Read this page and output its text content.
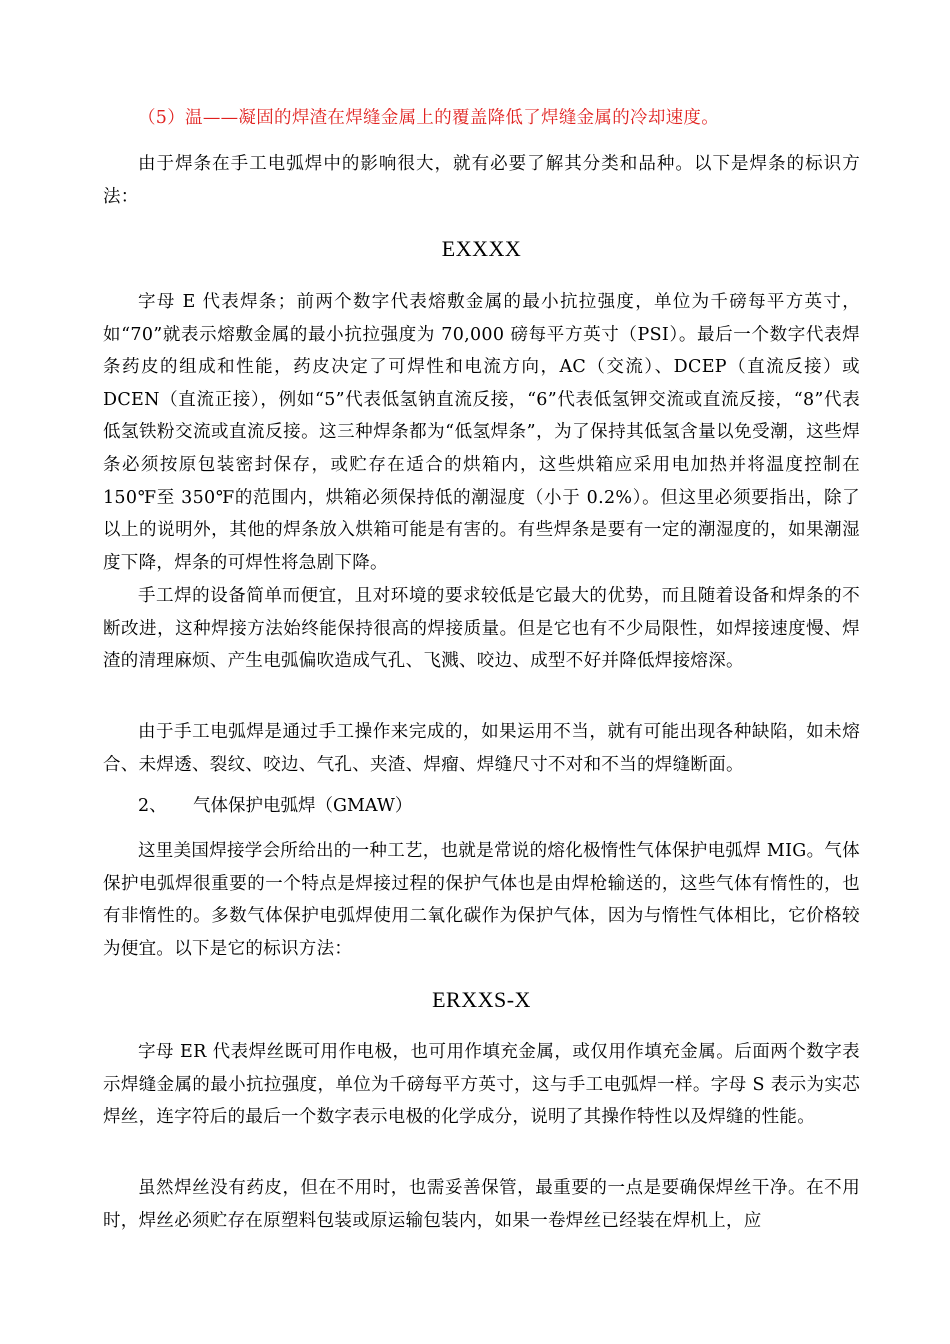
（5）温——凝固的焊渣在焊缝金属上的覆盖降低了焊缝金属的冷却速度。

由于焊条在手工电弧焊中的影响很大，就有必要了解其分类和品种。以下是焊条的标识方法：

EXXXX

字母 E 代表焊条；前两个数字代表熔敷金属的最小抗拉强度，单位为千磅每平方英寸，如“70”就表示熔敷金属的最小抗拉强度为 70,000 磅每平方英寸（PSI）。最后一个数字代表焊条药皮的组成和性能，药皮决定了可焊性和电流方向，AC（交流）、DCEP（直流反接）或 DCEN（直流正接），例如“5”代表低氢钠直流反接，“6”代表低氢钾交流或直流反接，“8”代表低氢铁粉交流或直流反接。这三种焊条都为“低氢焊条”，为了保持其低氢含量以免受潮，这些焊条必须按原包装密封保存，或贮存在适合的烘箱内，这些烘箱应采用电加热并将温度控制在 150℉至 350℉的范围内，烘箱必须保持低的潮湿度（小于 0.2%）。但这里必须要指出，除了以上的说明外，其他的焊条放入烘箱可能是有害的。有些焊条是要有一定的潮湿度的，如果潮湿度下降，焊条的可焊性将急剧下降。

手工焊的设备简单而便宜，且对环境的要求较低是它最大的优势，而且随着设备和焊条的不断改进，这种焊接方法始终能保持很高的焊接质量。但是它也有不少局限性，如焊接速度慢、焊渣的清理麻烦、产生电弧偏吹造成气孔、飞溅、咬边、成型不好并降低焊接熔深。

由于手工电弧焊是通过手工操作来完成的，如果运用不当，就有可能出现各种缺陷，如未熔合、未焊透、裂纹、咬边、气孔、夹渣、焊瘤、焊缝尺寸不对和不当的焊缝断面。

2、 气体保护电弧焊（GMAW）

这里美国焊接学会所给出的一种工艺，也就是常说的熔化极惰性气体保护电弧焊 MIG。气体保护电弧焊很重要的一个特点是焊接过程的保护气体也是由焊枪输送的，这些气体有惰性的，也有非惰性的。多数气体保护电弧焊使用二氧化碳作为保护气体，因为与惰性气体相比，它价格较为便宜。以下是它的标识方法：

ERXXS-X

字母 ER 代表焊丝既可用作电极，也可用作填充金属，或仅用作填充金属。后面两个数字表示焊缝金属的最小抗拉强度，单位为千磅每平方英寸，这与手工电弧焊一样。字母 S 表示为实芯焊丝，连字符后的最后一个数字表示电极的化学成分，说明了其操作特性以及焊缝的性能。

虽然焊丝没有药皮，但在不用时，也需妥善保管，最重要的一点是要确保焊丝干净。在不用时，焊丝必须贮存在原塑料包装或原运输包装内，如果一卷焊丝已经装在焊机上，应
